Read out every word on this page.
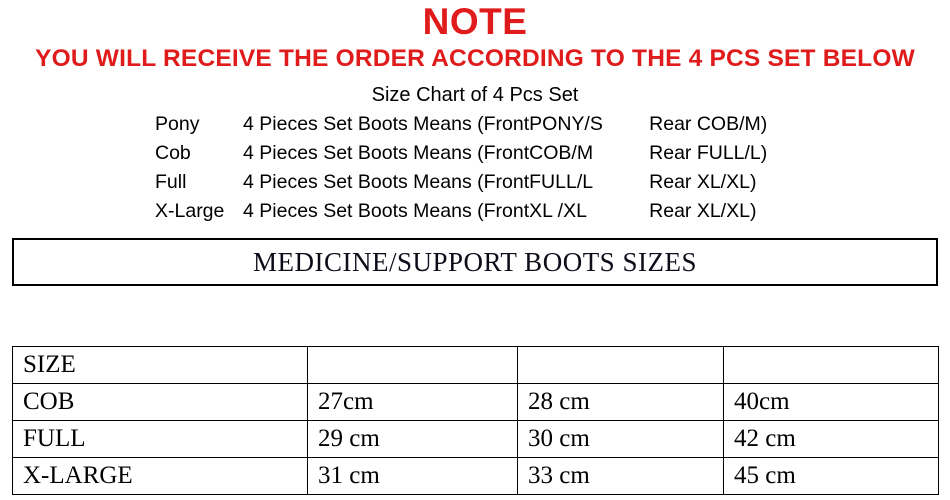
NOTE
YOU WILL RECEIVE THE ORDER ACCORDING TO THE 4 PCS SET BELOW
Size Chart of 4 Pcs Set
Pony	4 Pieces Set Boots Means (Front PONY/S	Rear COB/M)
Cob	4 Pieces Set Boots Means (Front COB/M	Rear FULL/L)
Full	4 Pieces Set Boots Means (Front FULL/L	Rear XL/XL)
X-Large 4 Pieces Set Boots Means (Front XL /XL	Rear XL/XL)
MEDICINE/SUPPORT BOOTS SIZES
SIZE			
COB	27cm	28 cm	40cm
FULL	29 cm	30 cm	42 cm
X-LARGE	31 cm	33 cm	45 cm
